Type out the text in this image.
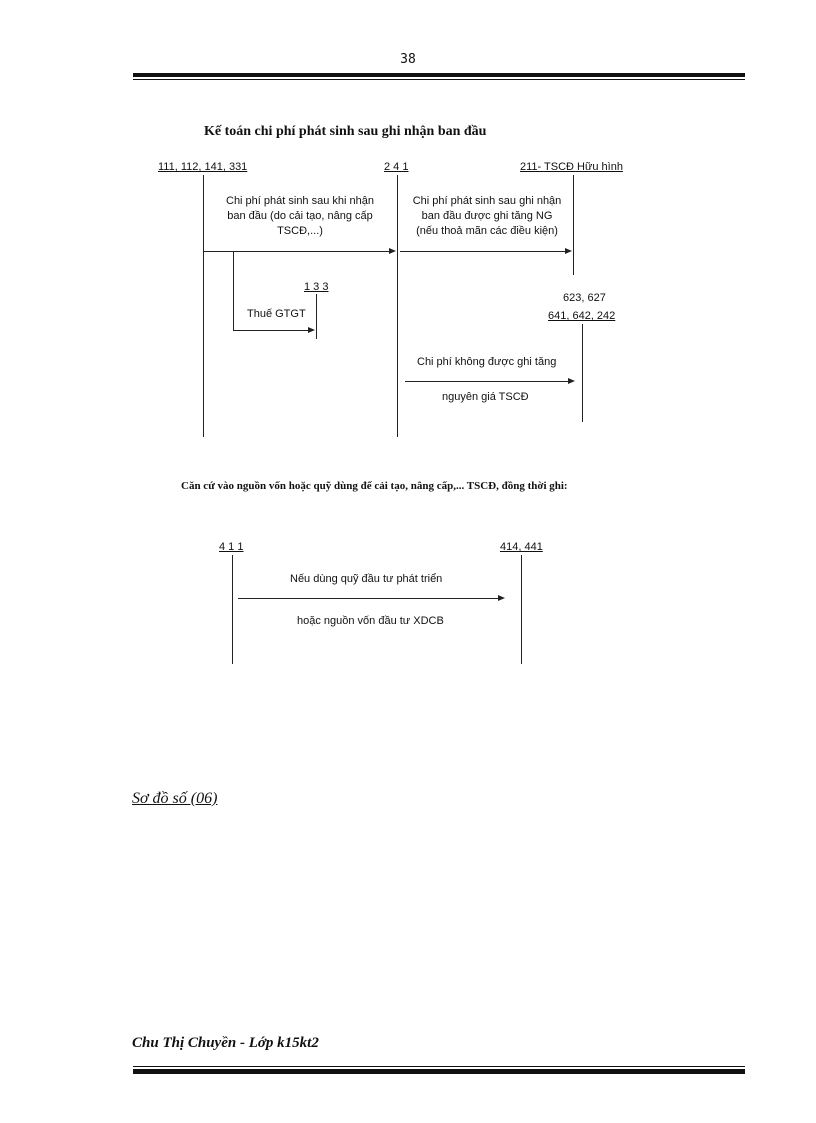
38
Kế toán chi phí phát sinh sau ghi nhận ban đầu
111, 112, 141, 331	2 4 1	211- TSCĐ Hữu hình
Chi phí phát sinh sau khi nhận
ban đầu (do cải tạo, nâng cấp
TSCĐ,...)
Chi phí phát sinh sau ghi nhận
ban đầu được ghi tăng NG
(nếu thoả mãn các điều kiện)
1 3 3
Thuế GTGT
623, 627
641, 642, 242
Chi phí không được ghi tăng
nguyên giá TSCĐ
Căn cứ vào nguồn vốn hoặc quỹ dùng để cải tạo, nâng cấp,... TSCĐ, đồng thời ghi:
4 1 1	414, 441
Nếu dùng quỹ đầu tư phát triển
hoặc nguồn vốn đầu tư XDCB
Sơ đồ số (06)
Chu Thị Chuyền - Lớp k15kt2
